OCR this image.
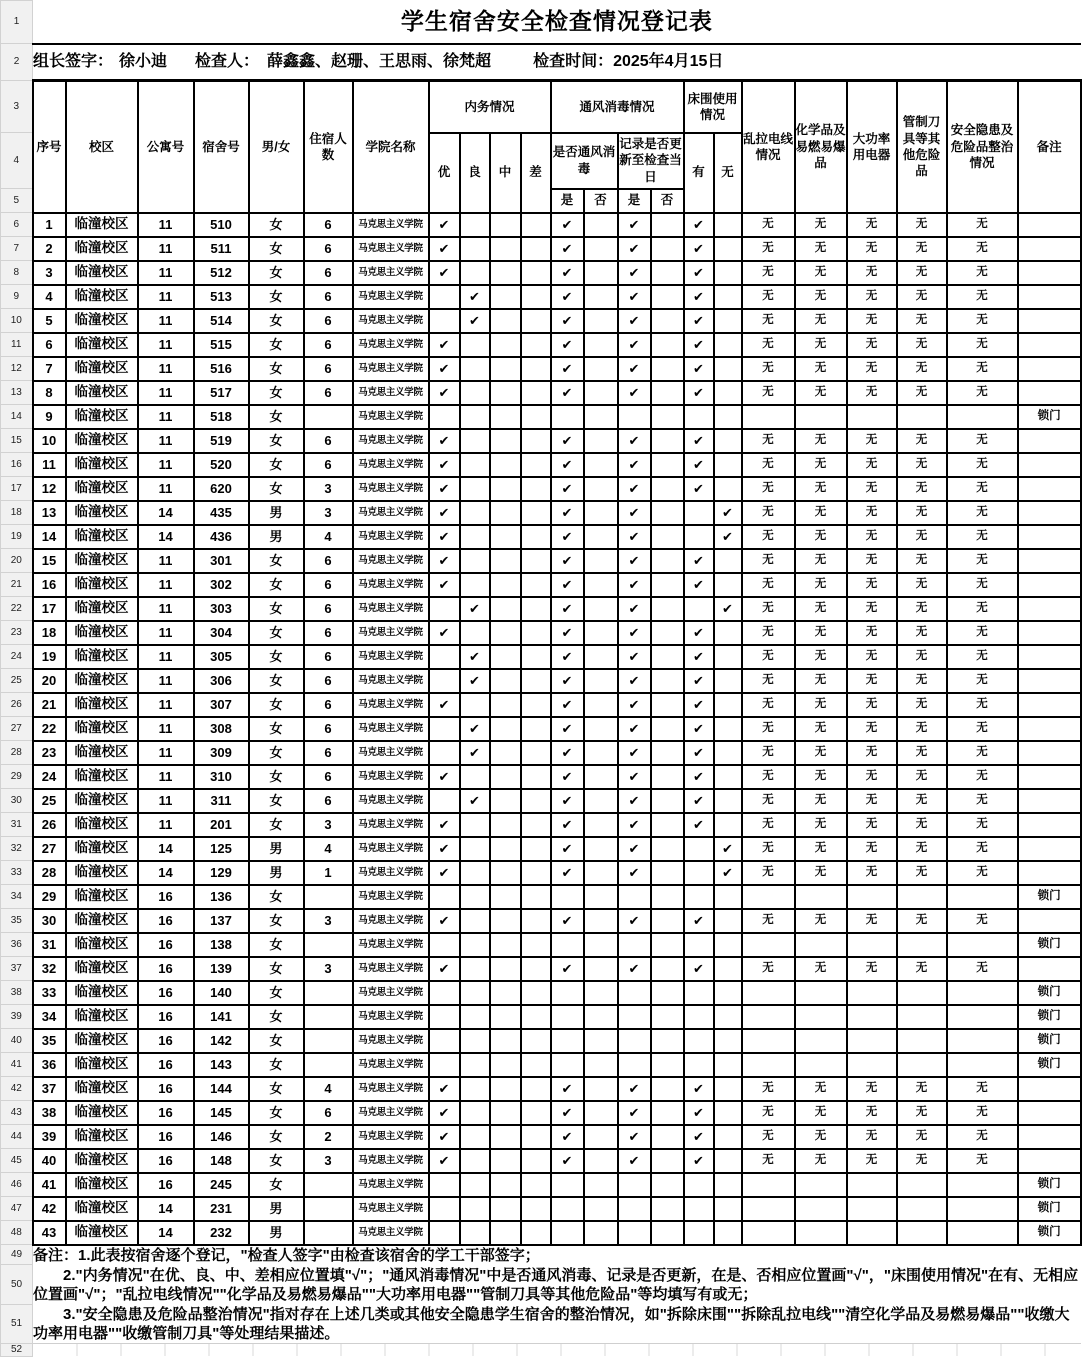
1	学生宿舍安全检查情况登记表																						
2	组长签字： 徐小迪 检查人： 薛鑫鑫、赵珊、王思雨、徐梵超 检查时间：2025年4月15日																						
3	序号	校区	公寓号	宿舍号	男/女	住宿人数	学院名称	内务情况				通风消毒情况				床围使用情况		乱拉电线情况	化学品及易燃易爆品	大功率用电器	管制刀具等其他危险品	安全隐患及危险品整治情况	备注
4								优	良	中	差	是否通风消毒		记录是否更新至检查当日		有	无						
5												是	否	是	否								
6	1	临潼校区	11	510	女	6	马克思主义学院	✔				✔		✔		✔		无	无	无	无	无	
7	2	临潼校区	11	511	女	6	马克思主义学院	✔				✔		✔		✔		无	无	无	无	无	
8	3	临潼校区	11	512	女	6	马克思主义学院	✔				✔		✔		✔		无	无	无	无	无	
9	4	临潼校区	11	513	女	6	马克思主义学院		✔			✔		✔		✔		无	无	无	无	无	
10	5	临潼校区	11	514	女	6	马克思主义学院		✔			✔		✔		✔		无	无	无	无	无	
11	6	临潼校区	11	515	女	6	马克思主义学院	✔				✔		✔		✔		无	无	无	无	无	
12	7	临潼校区	11	516	女	6	马克思主义学院	✔				✔		✔		✔		无	无	无	无	无	
13	8	临潼校区	11	517	女	6	马克思主义学院	✔				✔		✔		✔		无	无	无	无	无	
14	9	临潼校区	11	518	女		马克思主义学院																锁门
15	10	临潼校区	11	519	女	6	马克思主义学院	✔				✔		✔		✔		无	无	无	无	无	
16	11	临潼校区	11	520	女	6	马克思主义学院	✔				✔		✔		✔		无	无	无	无	无	
17	12	临潼校区	11	620	女	3	马克思主义学院	✔				✔		✔		✔		无	无	无	无	无	
18	13	临潼校区	14	435	男	3	马克思主义学院	✔				✔		✔			✔	无	无	无	无	无	
19	14	临潼校区	14	436	男	4	马克思主义学院	✔				✔		✔			✔	无	无	无	无	无	
20	15	临潼校区	11	301	女	6	马克思主义学院	✔				✔		✔		✔		无	无	无	无	无	
21	16	临潼校区	11	302	女	6	马克思主义学院	✔				✔		✔		✔		无	无	无	无	无	
22	17	临潼校区	11	303	女	6	马克思主义学院		✔			✔		✔			✔	无	无	无	无	无	
23	18	临潼校区	11	304	女	6	马克思主义学院	✔				✔		✔		✔		无	无	无	无	无	
24	19	临潼校区	11	305	女	6	马克思主义学院		✔			✔		✔		✔		无	无	无	无	无	
25	20	临潼校区	11	306	女	6	马克思主义学院		✔			✔		✔		✔		无	无	无	无	无	
26	21	临潼校区	11	307	女	6	马克思主义学院	✔				✔		✔		✔		无	无	无	无	无	
27	22	临潼校区	11	308	女	6	马克思主义学院		✔			✔		✔		✔		无	无	无	无	无	
28	23	临潼校区	11	309	女	6	马克思主义学院		✔			✔		✔		✔		无	无	无	无	无	
29	24	临潼校区	11	310	女	6	马克思主义学院	✔				✔		✔		✔		无	无	无	无	无	
30	25	临潼校区	11	311	女	6	马克思主义学院		✔			✔		✔		✔		无	无	无	无	无	
31	26	临潼校区	11	201	女	3	马克思主义学院	✔				✔		✔		✔		无	无	无	无	无	
32	27	临潼校区	14	125	男	4	马克思主义学院	✔				✔		✔			✔	无	无	无	无	无	
33	28	临潼校区	14	129	男	1	马克思主义学院	✔				✔		✔			✔	无	无	无	无	无	
34	29	临潼校区	16	136	女		马克思主义学院																锁门
35	30	临潼校区	16	137	女	3	马克思主义学院	✔				✔		✔		✔		无	无	无	无	无	
36	31	临潼校区	16	138	女		马克思主义学院																锁门
37	32	临潼校区	16	139	女	3	马克思主义学院	✔				✔		✔		✔		无	无	无	无	无	
38	33	临潼校区	16	140	女		马克思主义学院																锁门
39	34	临潼校区	16	141	女		马克思主义学院																锁门
40	35	临潼校区	16	142	女		马克思主义学院																锁门
41	36	临潼校区	16	143	女		马克思主义学院																锁门
42	37	临潼校区	16	144	女	4	马克思主义学院	✔				✔		✔		✔		无	无	无	无	无	
43	38	临潼校区	16	145	女	6	马克思主义学院	✔				✔		✔		✔		无	无	无	无	无	
44	39	临潼校区	16	146	女	2	马克思主义学院	✔				✔		✔		✔		无	无	无	无	无	
45	40	临潼校区	16	148	女	3	马克思主义学院	✔				✔		✔		✔		无	无	无	无	无	
46	41	临潼校区	16	245	女		马克思主义学院																锁门
47	42	临潼校区	14	231	男		马克思主义学院																锁门
48	43	临潼校区	14	232	男		马克思主义学院																锁门
49	备注：1.此表按宿舍逐个登记，"检查人签字"由检查该宿舍的学工干部签字；																						
50	2."内务情况"在优、良、中、差相应位置填"√"；"通风消毒情况"中是否通风消毒、记录是否更新，在是、否相应位置画"√"，"床围使用情况"在有、无相应位置画"√"；"乱拉电线情况""化学品及易燃易爆品""大功率用电器""管制刀具等其他危险品"等均填写有或无；																						
51	3."安全隐患及危险品整治情况"指对存在上述几类或其他安全隐患学生宿舍的整治情况，如"拆除床围""拆除乱拉电线""清空化学品及易燃易爆品""收缴大功率用电器""收缴管制刀具"等处理结果描述。																						
52																							
